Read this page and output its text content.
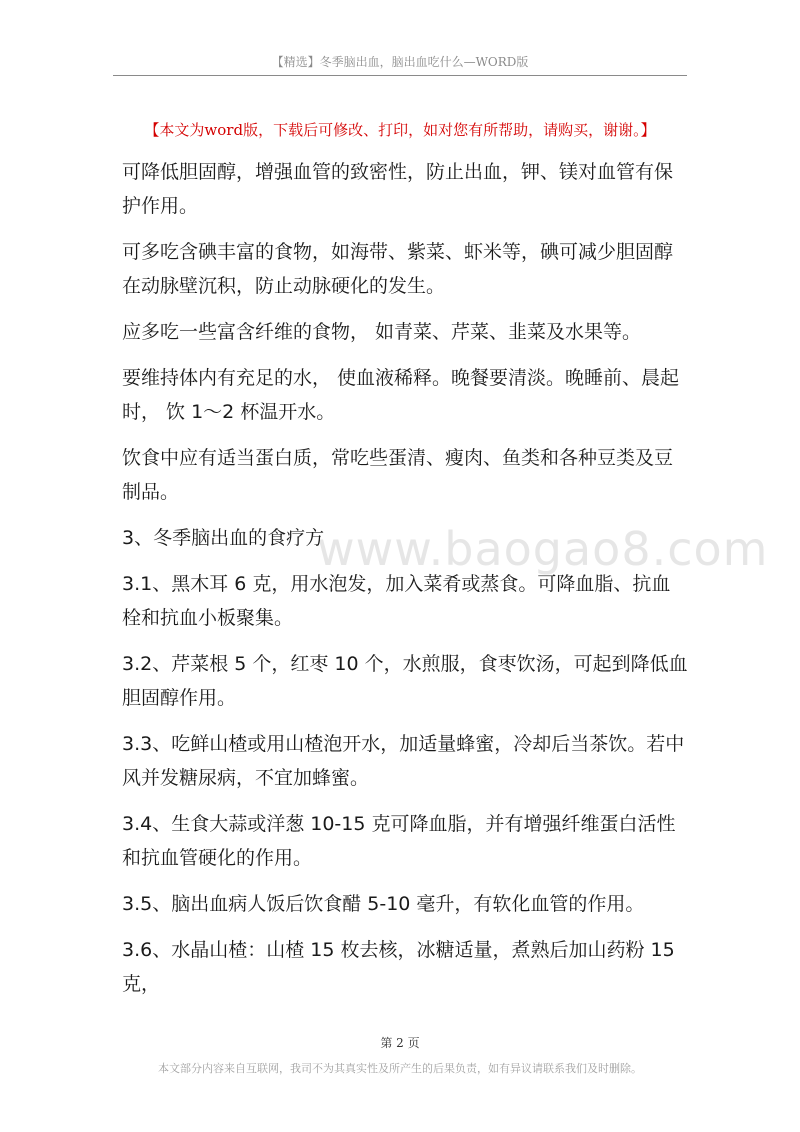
【精选】冬季脑出血，脑出血吃什么—WORD版
【本文为word版，下载后可修改、打印，如对您有所帮助，请购买，谢谢。】
www.baogao8.com

可降低胆固醇，增强血管的致密性，防止出血，钾、镁对血管有保护作用。

可多吃含碘丰富的食物，如海带、紫菜、虾米等，碘可减少胆固醇在动脉壁沉积，防止动脉硬化的发生。

应多吃一些富含纤维的食物， 如青菜、芹菜、韭菜及水果等。

要维持体内有充足的水， 使血液稀释。晚餐要清淡。晚睡前、晨起时， 饮 1～2 杯温开水。

饮食中应有适当蛋白质，常吃些蛋清、瘦肉、鱼类和各种豆类及豆制品。

3、冬季脑出血的食疗方

3.1、黑木耳 6 克，用水泡发，加入菜肴或蒸食。可降血脂、抗血栓和抗血小板聚集。

3.2、芹菜根 5 个，红枣 10 个，水煎服，食枣饮汤，可起到降低血胆固醇作用。

3.3、吃鲜山楂或用山楂泡开水，加适量蜂蜜，冷却后当茶饮。若中风并发糖尿病，不宜加蜂蜜。

3.4、生食大蒜或洋葱 10-15 克可降血脂，并有增强纤维蛋白活性和抗血管硬化的作用。

3.5、脑出血病人饭后饮食醋 5-10 毫升，有软化血管的作用。

3.6、水晶山楂：山楂 15 枚去核，冰糖适量，煮熟后加山药粉 15 克，

第 2 页
本文部分内容来自互联网，我司不为其真实性及所产生的后果负责，如有异议请联系我们及时删除。
